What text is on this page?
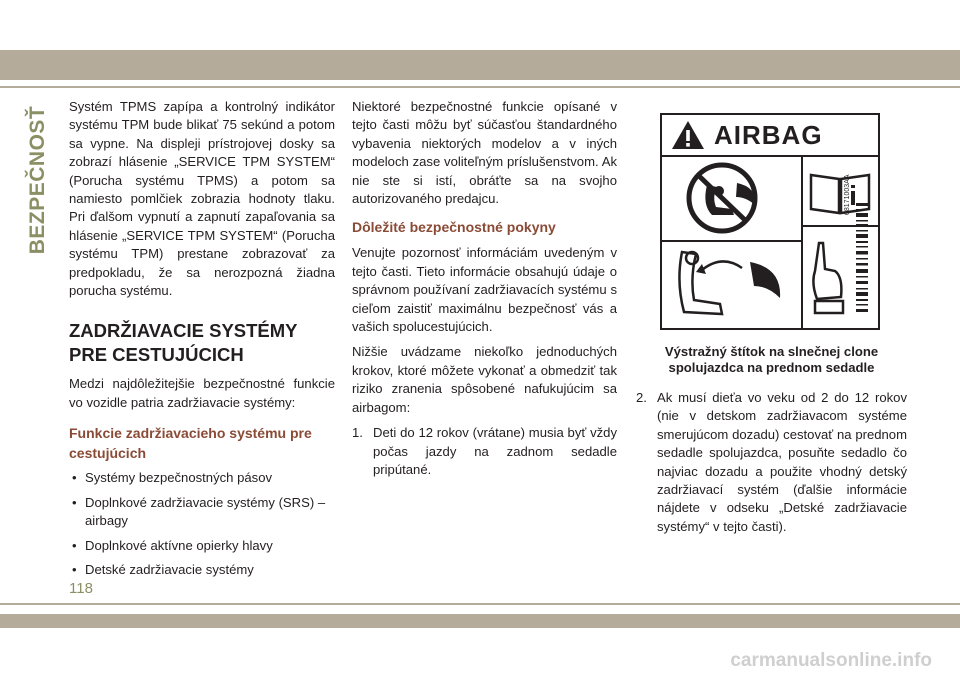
BEZPEČNOSŤ Systém TPMS zapípa a kontrolný indikátor systému TPM bude blikať 75 sekúnd a potom sa vypne. Na displeji prístrojovej dosky sa zobrazí hlásenie „SERVICE TPM SYSTEM“ (Porucha systému TPMS) a potom sa namiesto pomlčiek zobrazia hodnoty tlaku. Pri ďalšom vypnutí a zapnutí zapaľovania sa hlásenie „SERVICE TPM SYSTEM“ (Porucha systému TPM) prestane zobrazovať za predpokladu, že sa nerozpozná žiadna porucha systému.

ZADRŽIAVACIE SYSTÉMY
PRE CESTUJÚCICH

Medzi najdôležitejšie bezpečnostné funkcie vo vozidle patria zadržiavacie systémy:

Funkcie zadržiavacieho systému pre
cestujúcich
• Systémy bezpečnostných pásov
• Doplnkové zadržiavacie systémy (SRS) – airbagy
• Doplnkové aktívne opierky hlavy
• Detské zadržiavacie systémy

Niektoré bezpečnostné funkcie opísané v tejto časti môžu byť súčasťou štandardného vybavenia niektorých modelov a v iných modeloch zase voliteľným príslušenstvom. Ak nie ste si istí, obráťte sa na svojho autorizovaného predajcu.

Dôležité bezpečnostné pokyny

Venujte pozornosť informáciám uvedeným v tejto časti. Tieto informácie obsahujú údaje o správnom používaní zadržiavacích systému s cieľom zaistiť maximálnu bezpečnosť vás a vašich spolucestujúcich.

Nižšie uvádzame niekoľko jednoduchých krokov, ktoré môžete vykonať a obmedziť tak riziko zranenia spôsobené nafukujúcim sa airbagom:

1. Deti do 12 rokov (vrátane) musia byť vždy počas jazdy na zadnom sedadle pripútané.
AIRBAG
68171003AA
Výstražný štítok na slnečnej clone
spolujazdca na prednom sedadle
2. Ak musí dieťa vo veku od 2 do 12 rokov (nie v detskom zadržiavacom systéme smerujúcom dozadu) cestovať na prednom sedadle spolujazdca, posuňte sedadlo čo najviac dozadu a použite vhodný detský zadržiavací systém (ďalšie informácie nájdete v odseku „Detské zadržiavacie systémy“ v tejto časti).
118
carmanualsonline.info
